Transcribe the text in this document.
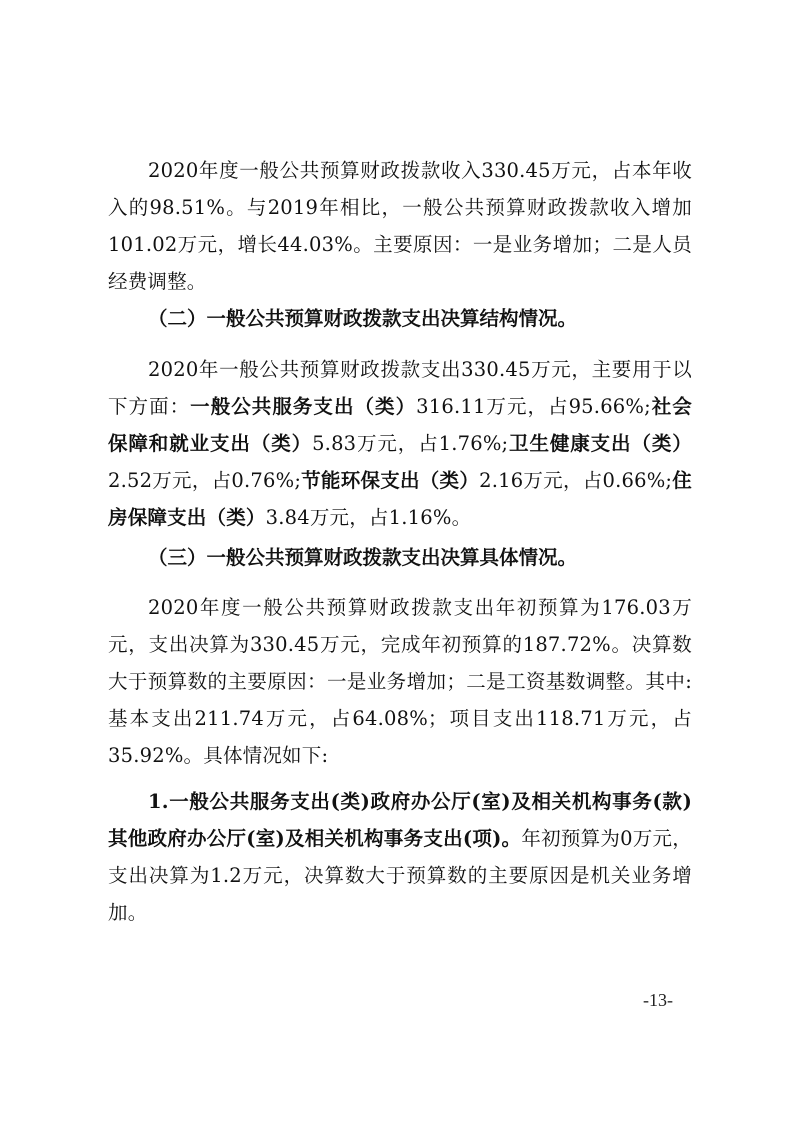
2020年度一般公共预算财政拨款收入330.45万元，占本年收入的98.51%。与2019年相比，一般公共预算财政拨款收入增加101.02万元，增长44.03%。主要原因：一是业务增加；二是人员经费调整。

（二）一般公共预算财政拨款支出决算结构情况。

2020年一般公共预算财政拨款支出330.45万元，主要用于以下方面：一般公共服务支出（类）316.11万元，占95.66%;社会保障和就业支出（类）5.83万元，占1.76%;卫生健康支出（类）2.52万元，占0.76%;节能环保支出（类）2.16万元，占0.66%;住房保障支出（类）3.84万元，占1.16%。

（三）一般公共预算财政拨款支出决算具体情况。

2020年度一般公共预算财政拨款支出年初预算为176.03万元，支出决算为330.45万元，完成年初预算的187.72%。决算数大于预算数的主要原因：一是业务增加；二是工资基数调整。其中:基本支出211.74万元，占64.08%；项目支出118.71万元，占35.92%。具体情况如下:

1.一般公共服务支出(类)政府办公厅(室)及相关机构事务(款)其他政府办公厅(室)及相关机构事务支出(项)。年初预算为0万元，支出决算为1.2万元，决算数大于预算数的主要原因是机关业务增加。

-13-
